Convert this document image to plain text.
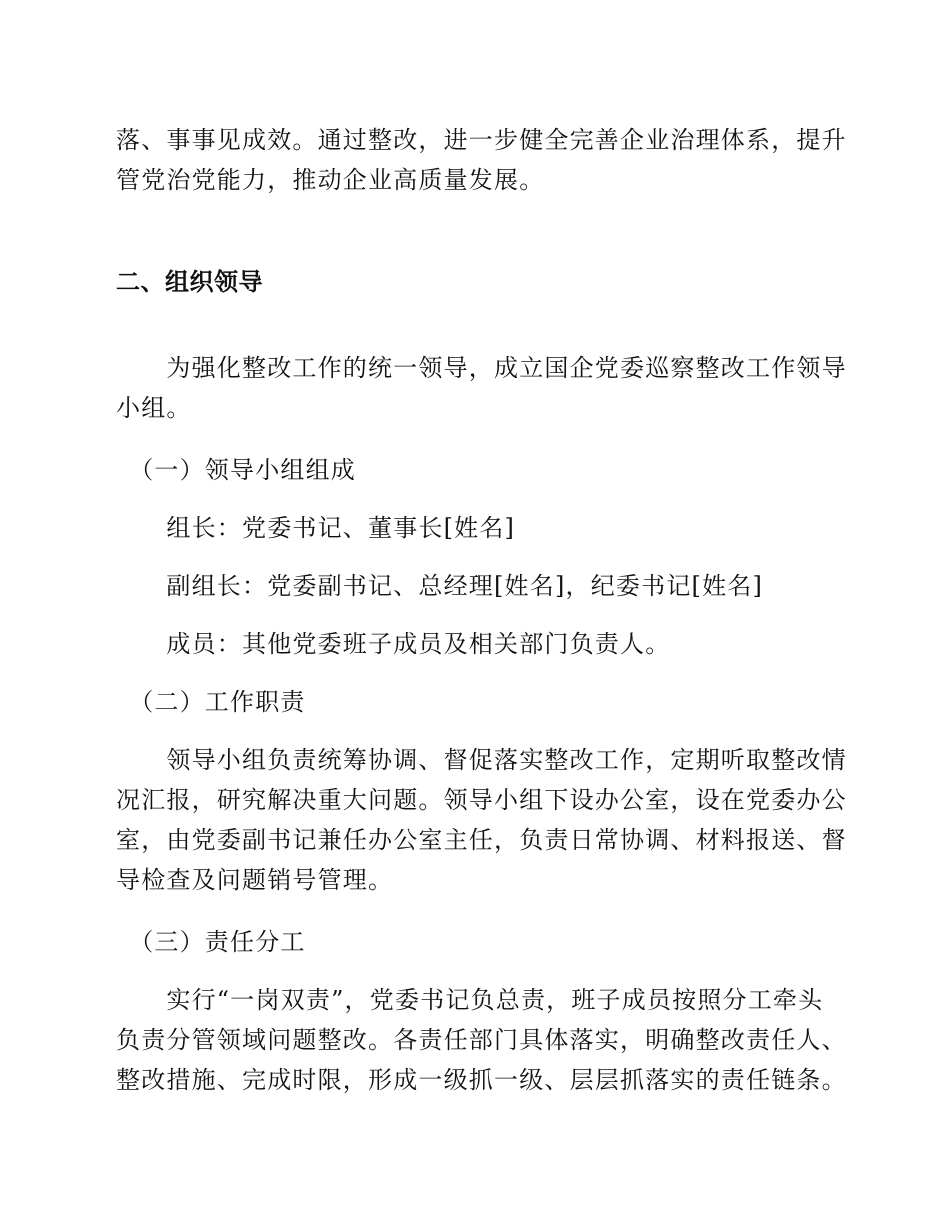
落、事事见成效。通过整改，进一步健全完善企业治理体系，提升
管党治党能力，推动企业高质量发展。
二、组织领导
　　为强化整改工作的统一领导，成立国企党委巡察整改工作领导
小组。
　（一）领导小组组成
　　组长：党委书记、董事长[姓名]
　　副组长：党委副书记、总经理[姓名]，纪委书记[姓名]
　　成员：其他党委班子成员及相关部门负责人。
　（二）工作职责
　　领导小组负责统筹协调、督促落实整改工作，定期听取整改情
况汇报，研究解决重大问题。领导小组下设办公室，设在党委办公
室，由党委副书记兼任办公室主任，负责日常协调、材料报送、督
导检查及问题销号管理。
　（三）责任分工
　　实行“一岗双责”，党委书记负总责，班子成员按照分工牵头
负责分管领域问题整改。各责任部门具体落实，明确整改责任人、
整改措施、完成时限，形成一级抓一级、层层抓落实的责任链条。
